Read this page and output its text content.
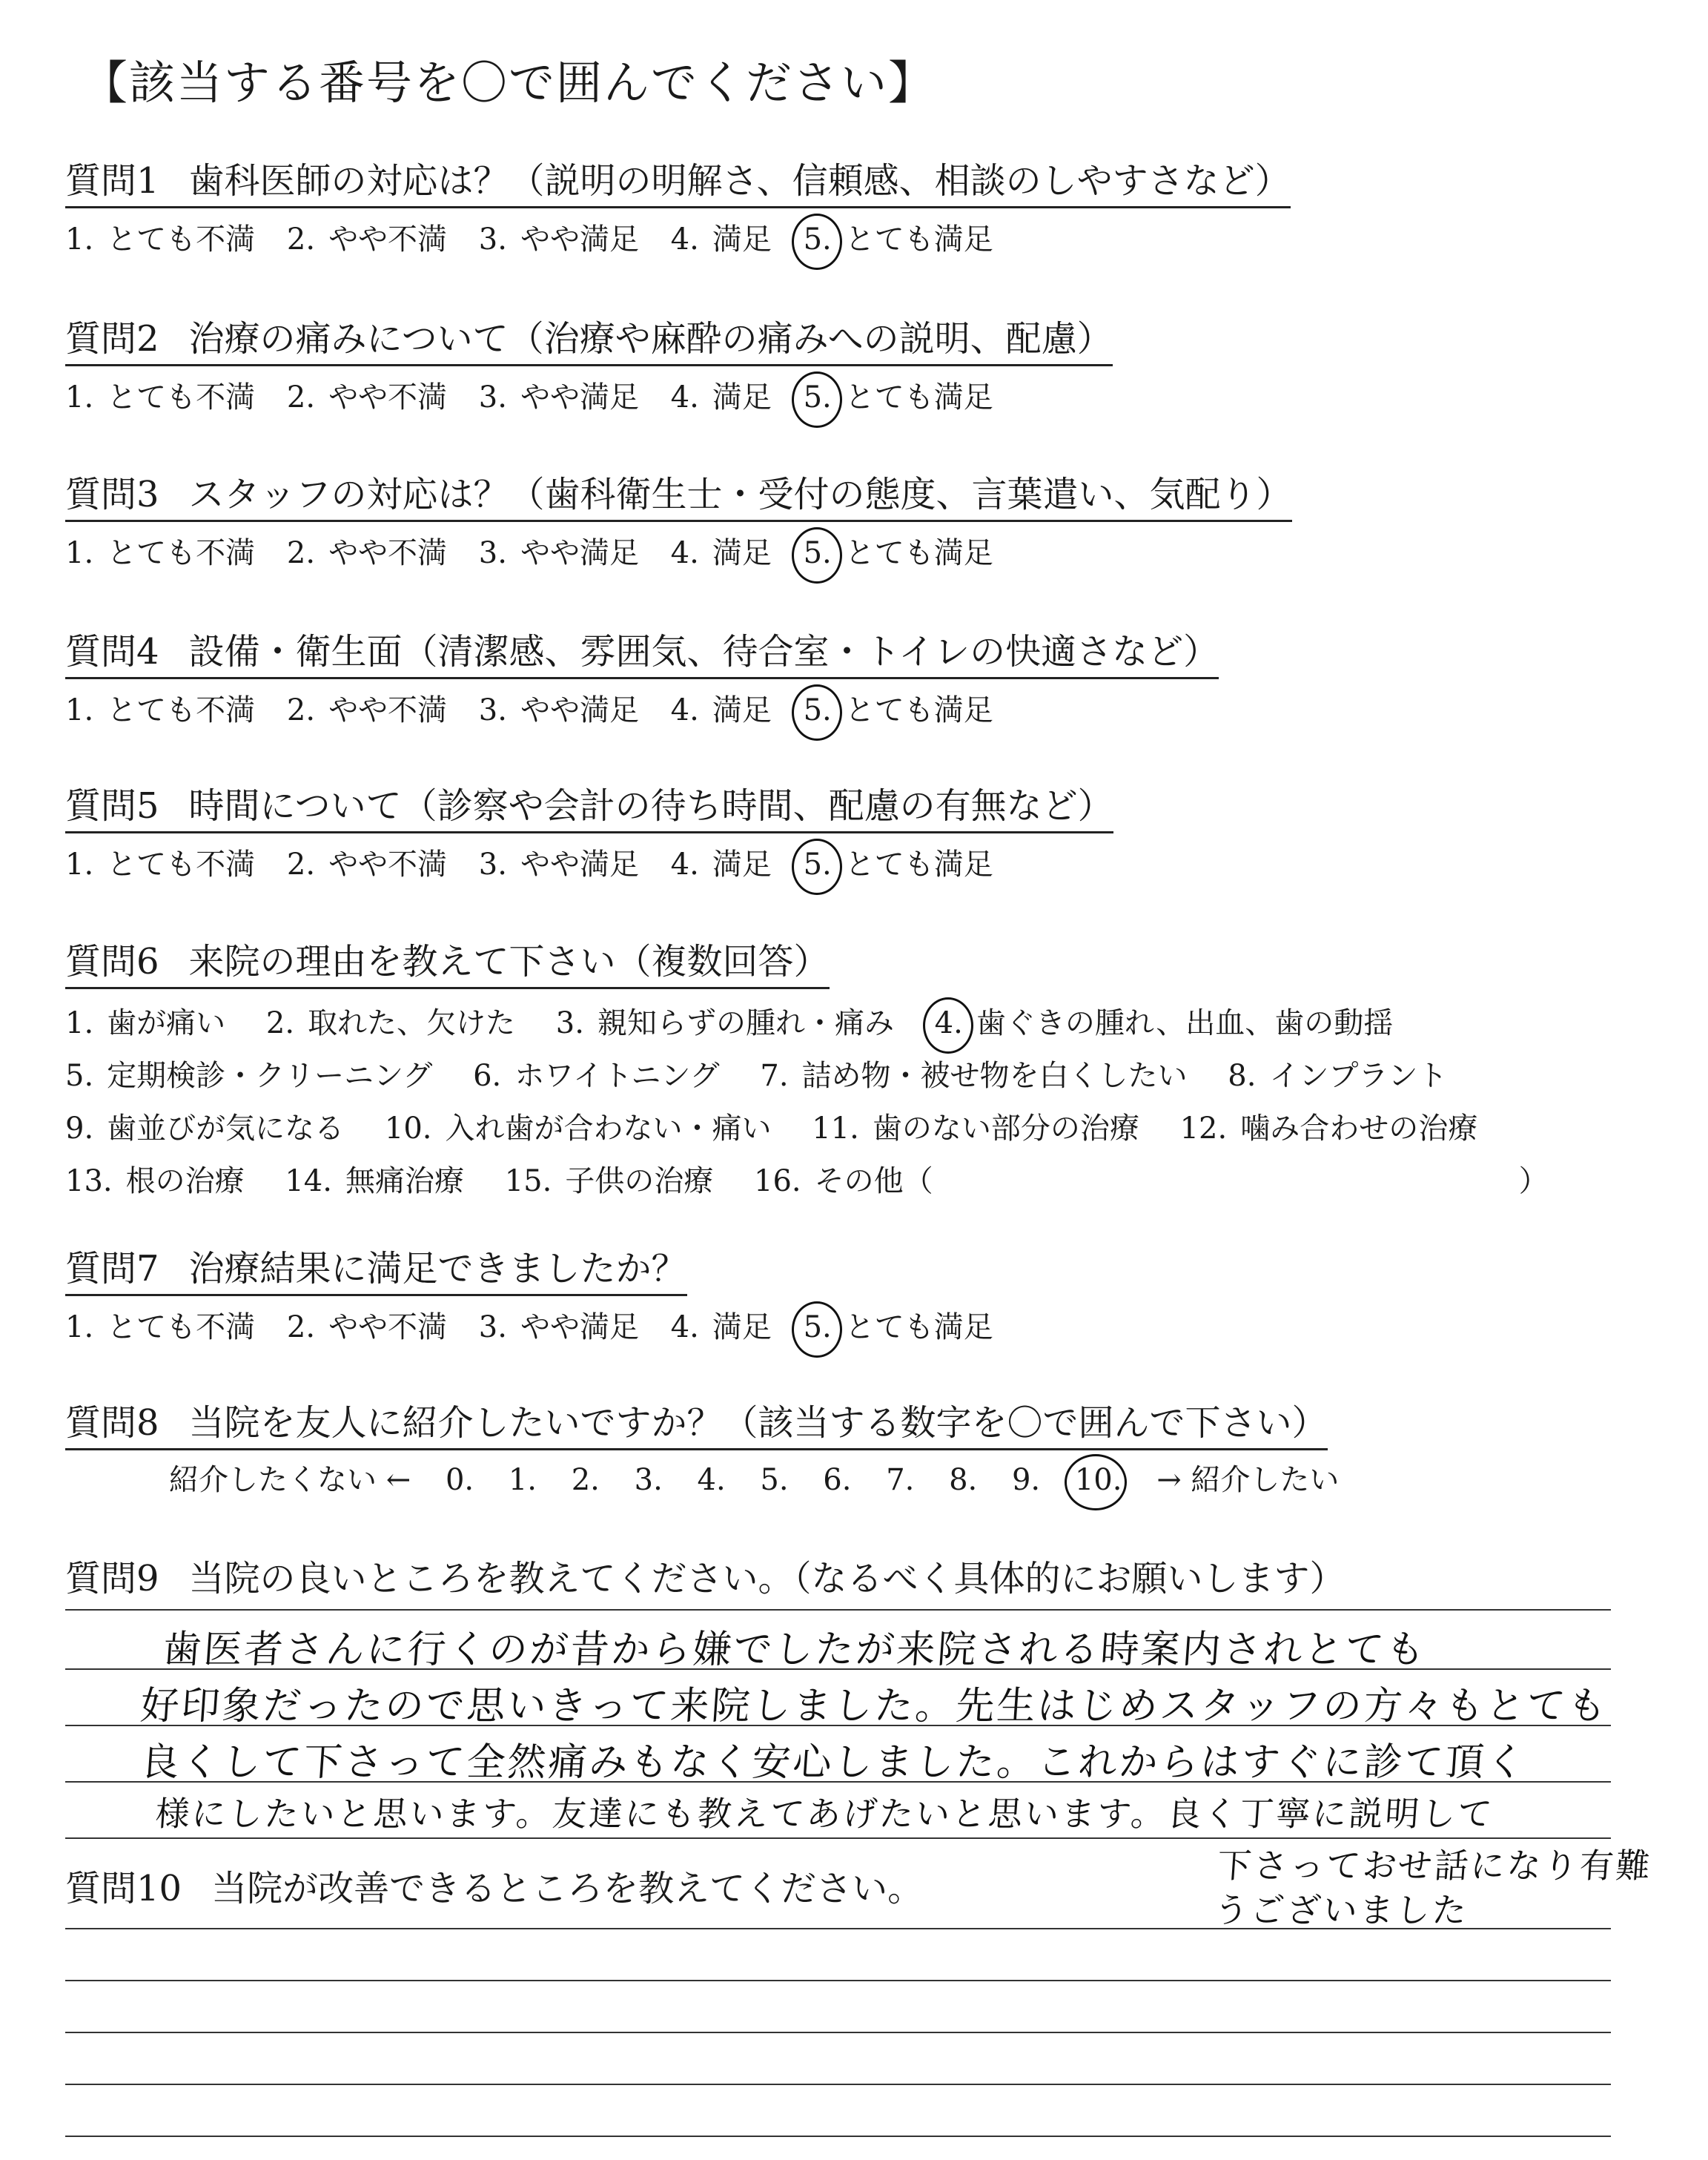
【該当する番号を〇で囲んでください】
質問1 歯科医師の対応は？（説明の明解さ、信頼感、相談のしやすさなど）
1. とても不満 2. やや不満 3. やや満足 4. 満足 5. とても満足
質問2 治療の痛みについて（治療や麻酔の痛みへの説明、配慮）
1. とても不満 2. やや不満 3. やや満足 4. 満足 5. とても満足
質問3 スタッフの対応は？（歯科衛生士・受付の態度、言葉遣い、気配り）
1. とても不満 2. やや不満 3. やや満足 4. 満足 5. とても満足
質問4 設備・衛生面（清潔感、雰囲気、待合室・トイレの快適さなど）
1. とても不満 2. やや不満 3. やや満足 4. 満足 5. とても満足
質問5 時間について（診察や会計の待ち時間、配慮の有無など）
1. とても不満 2. やや不満 3. やや満足 4. 満足 5. とても満足
質問6 来院の理由を教えて下さい（複数回答）
1. 歯が痛い 2. 取れた、欠けた 3. 親知らずの腫れ・痛み 4. 歯ぐきの腫れ、出血、歯の動揺
5. 定期検診・クリーニング 6. ホワイトニング 7. 詰め物・被せ物を白くしたい 8. インプラント
9. 歯並びが気になる 10. 入れ歯が合わない・痛い 11. 歯のない部分の治療 12. 噛み合わせの治療
13. 根の治療 14. 無痛治療 15. 子供の治療 16. その他（	）
質問7 治療結果に満足できましたか？
1. とても不満 2. やや不満 3. やや満足 4. 満足 5. とても満足
質問8 当院を友人に紹介したいですか？（該当する数字を〇で囲んで下さい）
紹介したくない ← 0. 1. 2. 3. 4. 5. 6. 7. 8. 9. 10. → 紹介したい
質問9 当院の良いところを教えてください。（なるべく具体的にお願いします）
歯医者さんに行くのが昔から嫌でしたが来院される時案内されとても
好印象だったので思いきって来院しました。先生はじめスタッフの方々もとても
良くして下さって全然痛みもなく安心しました。これからはすぐに診て頂く
様にしたいと思います。友達にも教えてあげたいと思います。良く丁寧に説明して
下さっておせ話になり有難うございました
質問10 当院が改善できるところを教えてください。
